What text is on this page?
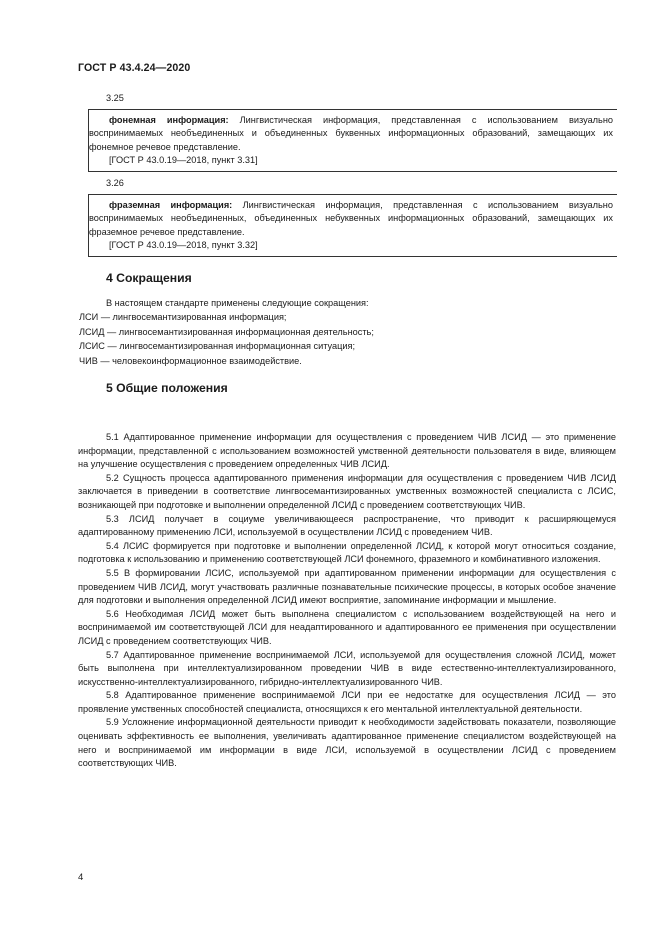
ГОСТ Р 43.4.24—2020
3.25

фонемная информация: Лингвистическая информация, представленная с использованием визуально воспринимаемых необъединенных и объединенных буквенных информационных образований, замещающих их фонемное речевое представление.

[ГОСТ Р 43.0.19—2018, пункт 3.31]

3.26

фраземная информация: Лингвистическая информация, представленная с использованием визуально воспринимаемых необъединенных, объединенных небуквенных информационных образований, замещающих их фраземное речевое представление.

[ГОСТ Р 43.0.19—2018, пункт 3.32]

4 Сокращения

В настоящем стандарте применены следующие сокращения:

ЛСИ — лингвосемантизированная информация;

ЛСИД — лингвосемантизированная информационная деятельность;

ЛСИС — лингвосемантизированная информационная ситуация;

ЧИВ — человекоинформационное взаимодействие.

5 Общие положения

5.1 Адаптированное применение информации для осуществления с проведением ЧИВ ЛСИД — это применение информации, представленной с использованием возможностей умственной деятельности пользователя в виде, влияющем на улучшение осуществления с проведением определенных ЧИВ ЛСИД.

5.2 Сущность процесса адаптированного применения информации для осуществления с проведением ЧИВ ЛСИД заключается в приведении в соответствие лингвосемантизированных умственных возможностей специалиста с ЛСИС, возникающей при подготовке и выполнении определенной ЛСИД с проведением соответствующих ЧИВ.

5.3 ЛСИД получает в социуме увеличивающееся распространение, что приводит к расширяющемуся адаптированному применению ЛСИ, используемой в осуществлении ЛСИД с проведением ЧИВ.

5.4 ЛСИС формируется при подготовке и выполнении определенной ЛСИД, к которой могут относиться создание, подготовка к использованию и применению соответствующей ЛСИ фонемного, фраземного и комбинативного изложения.

5.5 В формировании ЛСИС, используемой при адаптированном применении информации для осуществления с проведением ЧИВ ЛСИД, могут участвовать различные познавательные психические процессы, в которых особое значение для подготовки и выполнения определенной ЛСИД имеют восприятие, запоминание информации и мышление.

5.6 Необходимая ЛСИД может быть выполнена специалистом с использованием воздействующей на него и воспринимаемой им соответствующей ЛСИ для неадаптированного и адаптированного ее применения при осуществлении ЛСИД с проведением соответствующих ЧИВ.

5.7 Адаптированное применение воспринимаемой ЛСИ, используемой для осуществления сложной ЛСИД, может быть выполнена при интеллектуализированном проведении ЧИВ в виде естественно-интеллектуализированного, искусственно-интеллектуализированного, гибридно-интеллектуализированного ЧИВ.

5.8 Адаптированное применение воспринимаемой ЛСИ при ее недостатке для осуществления ЛСИД — это проявление умственных способностей специалиста, относящихся к его ментальной интеллектуальной деятельности.

5.9 Усложнение информационной деятельности приводит к необходимости задействовать показатели, позволяющие оценивать эффективность ее выполнения, увеличивать адаптированное применение специалистом воздействующей на него и воспринимаемой им информации в виде ЛСИ, используемой в осуществлении ЛСИД с проведением соответствующих ЧИВ.

4
